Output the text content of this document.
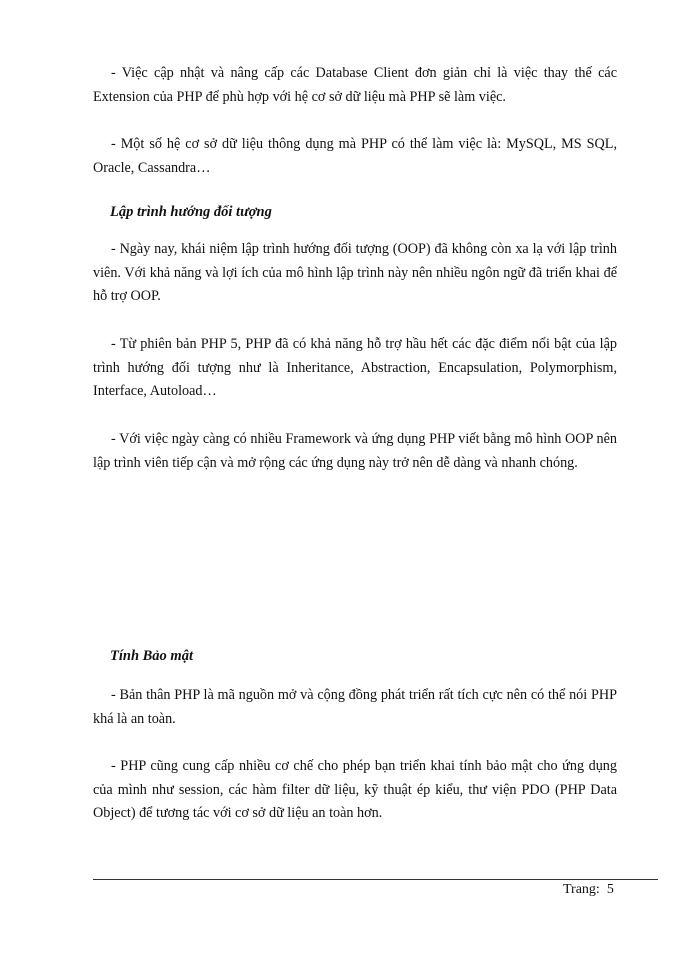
- Việc cập nhật và nâng cấp các Database Client đơn giản chỉ là việc thay thế các Extension của PHP để phù hợp với hệ cơ sở dữ liệu mà PHP sẽ làm việc.

- Một số hệ cơ sở dữ liệu thông dụng mà PHP có thể làm việc là: MySQL, MS SQL, Oracle, Cassandra…

Lập trình hướng đối tượng

- Ngày nay, khái niệm lập trình hướng đối tượng (OOP) đã không còn xa lạ với lập trình viên. Với khả năng và lợi ích của mô hình lập trình này nên nhiều ngôn ngữ đã triển khai để hỗ trợ OOP.

- Từ phiên bản PHP 5, PHP đã có khả năng hỗ trợ hầu hết các đặc điểm nổi bật của lập trình hướng đối tượng như là Inheritance, Abstraction, Encapsulation, Polymorphism, Interface, Autoload…

- Với việc ngày càng có nhiều Framework và ứng dụng PHP viết bằng mô hình OOP nên lập trình viên tiếp cận và mở rộng các ứng dụng này trở nên dễ dàng và nhanh chóng.

Tính Bảo mật

- Bản thân PHP là mã nguồn mở và cộng đồng phát triển rất tích cực nên có thể nói PHP khá là an toàn.

- PHP cũng cung cấp nhiều cơ chế cho phép bạn triển khai tính bảo mật cho ứng dụng của mình như session, các hàm filter dữ liệu, kỹ thuật ép kiểu, thư viện PDO (PHP Data Object) để tương tác với cơ sở dữ liệu an toàn hơn.

Trang:  5
